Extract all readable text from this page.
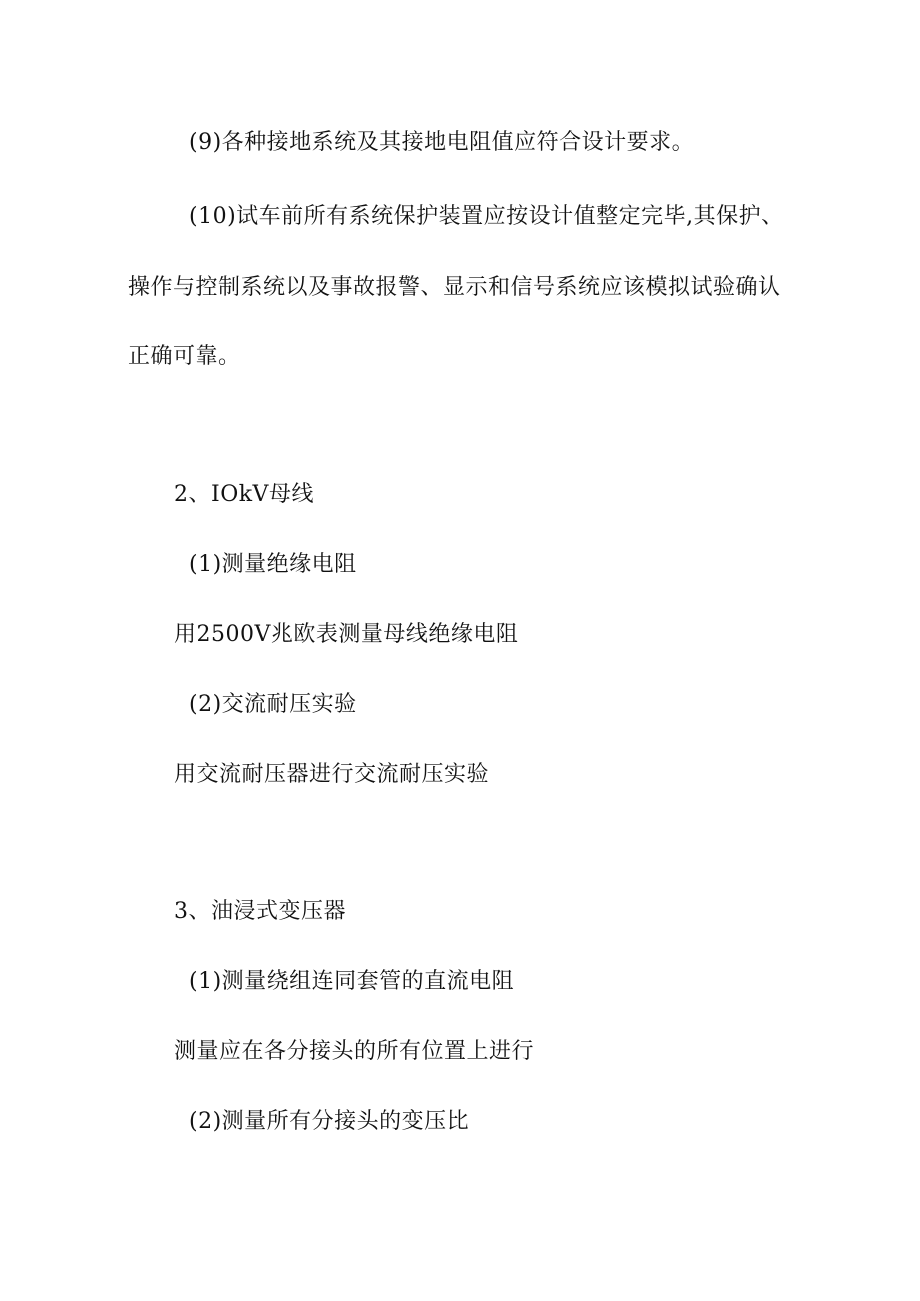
(9)各种接地系统及其接地电阻值应符合设计要求。
(10)试车前所有系统保护装置应按设计值整定完毕,其保护、
操作与控制系统以及事故报警、显示和信号系统应该模拟试验确认
正确可靠。
2、IOkV母线
(1)测量绝缘电阻
用2500V兆欧表测量母线绝缘电阻
(2)交流耐压实验
用交流耐压器进行交流耐压实验
3、油浸式变压器
(1)测量绕组连同套管的直流电阻
测量应在各分接头的所有位置上进行
(2)测量所有分接头的变压比
